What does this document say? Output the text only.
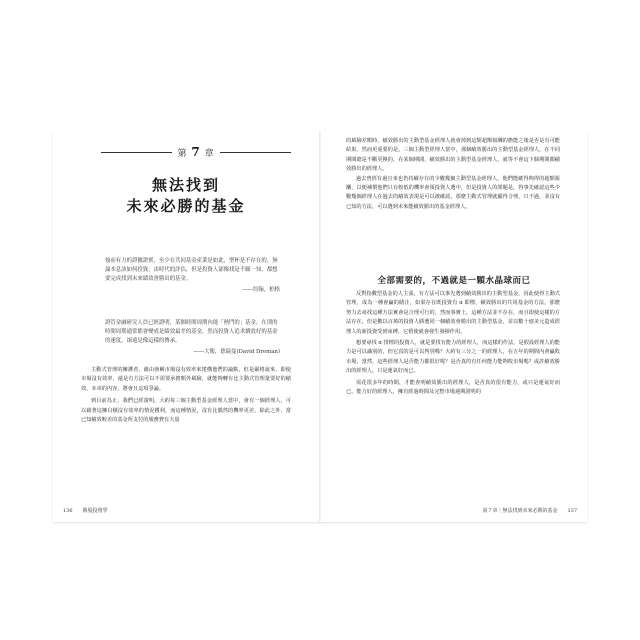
第 7 章
無法找到
未來必勝的基金
強而有力的證據證實，至少在共同基金產業是如此，聖杯是不存在的。無論本息該如何投資，由時代的評估，但是投資人卻像找是不願一知，都想要完成找到未來績效會勝出的基金。
——約翰，柏格
證管金融研究人員已經證明，某個時間周期內能「熱門的」基金，在別的時間周期通常都會變成是績效最差的基金，然而投資人追求續效好的基金的速度，卻遠是像這樣的傳承。
——大衛，德瑞曼(David Dreman)

主動式管理的擁護者，藉由發稱市場沒有效率來建構他們的論點，但是嚴格說來，即使市場沒有效率，還是有方法可以不需要承擔額外風險，就能夠轉有比主動式管理量要好的績效，本章的內容，將會且這項爭論。

到目前為止，我們已經證明，大約每三個主動型基金經理人當中，會有一個經理人，可以藉著這擁白積沒有效率的情況獲利，而這種情況，沒有比偶然的機率更差，除此之外，當已知績效較差的基金所支付的服務費有大量

136 勝股投資學

的風險差額時，績效勝出的主動型基金經理人就會掉到這類超額報酬的擔能之後是否是有可能結果。然而更重要的是，三個主動型經理人當中，那個績效勝出的主動型基金經理人，在不同期間總是不斷更換的，在某個期間，績效勝出的主動型基金經理人，就等不會這下個期間都績效勝出的經理人。

過去曾經有過且來也仍持續存在的少數幾個主動型基金經理人，他們能確得夠得的超額報酬，以便補償他們只有較低的機率會領投資人選中，但是投資人的問題是，得事先確認這些少數幾個經理人在過去的績效表現是可以被確認，那麼主動式管理就顯得合理，只不過，並沒有已知的方法，可以選到未來能績效勝出的基金經理人。

全部需要的，不過就是一顆水晶球而已

反對指數型基金的人主張，有方法可以事先選到績效勝出的主動型基金，因此使得主動式管理，成為一種會贏的賭注，如果存在既投資有 α 即標，績效勝出的共同基金的方法，那麼努力去尋找這種方法實會是合理可行的，然而事實上，這種方法並不存在，而且即使這樣的方法存在，但是數以百萬的投資人勝選同一個績效會勝出的主動型基金，並以數十億美元造成經理人的新投資受到束縛，它假使就會發生發揮作用。

想要尋找 α 排標的投資人，就是要找有能力的經理人，而這樣的作法，是假設經理人的能力是可以識別的，但它真的是可以判別嗎？大約有三分之一的經理人，在五年的期間內會贏敗市場，當然，這些經理人是否能力都很好呢？是否真的有任何能力能夠敗市場嗎？或許績效勝出的經理人，只是運氣好而已。

需花很多年的時間，才能查明績效勝出的經理人，是否真的很有能力，或只是運氣好而已，能力好的經理人，擁有經過時間及完整市場週期證明的

第７章｜無法找到未來必勝的基金 137
